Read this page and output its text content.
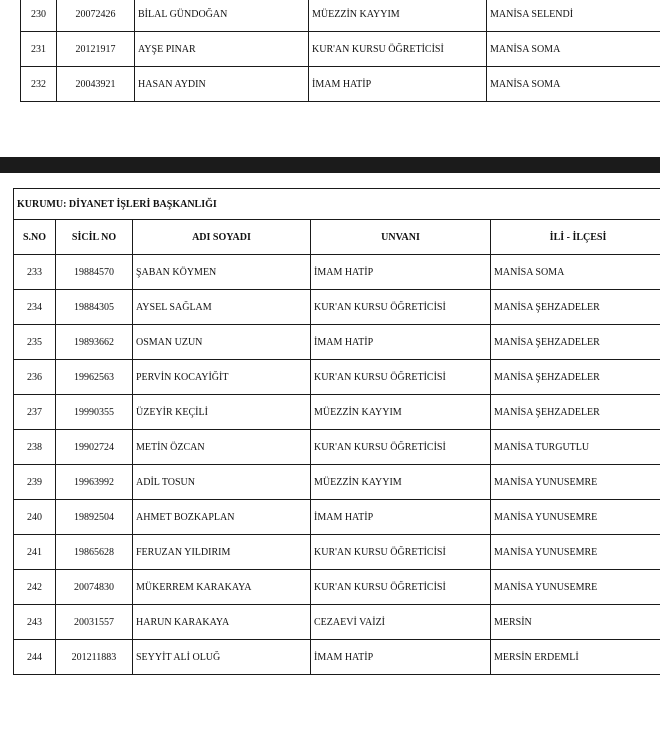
230	20072426	BİLAL GÜNDOĞAN	MÜEZZİN KAYYIM	MANİSA SELENDİ
231	20121917	AYŞE PINAR	KUR'AN KURSU ÖĞRETİCİSİ	MANİSA SOMA
232	20043921	HASAN AYDIN	İMAM HATİP	MANİSA SOMA
KURUMU: DİYANET İŞLERİ BAŞKANLIĞI				
S.NO	SİCİL NO	ADI SOYADI	UNVANI	İLİ - İLÇESİ
233	19884570	ŞABAN KÖYMEN	İMAM HATİP	MANİSA SOMA
234	19884305	AYSEL SAĞLAM	KUR'AN KURSU ÖĞRETİCİSİ	MANİSA ŞEHZADELER
235	19893662	OSMAN UZUN	İMAM HATİP	MANİSA ŞEHZADELER
236	19962563	PERVİN KOCAYİĞİT	KUR'AN KURSU ÖĞRETİCİSİ	MANİSA ŞEHZADELER
237	19990355	ÜZEYİR KEÇİLİ	MÜEZZİN KAYYIM	MANİSA ŞEHZADELER
238	19902724	METİN ÖZCAN	KUR'AN KURSU ÖĞRETİCİSİ	MANİSA TURGUTLU
239	19963992	ADİL TOSUN	MÜEZZİN KAYYIM	MANİSA YUNUSEMRE
240	19892504	AHMET BOZKAPLAN	İMAM HATİP	MANİSA YUNUSEMRE
241	19865628	FERUZAN YILDIRIM	KUR'AN KURSU ÖĞRETİCİSİ	MANİSA YUNUSEMRE
242	20074830	MÜKERREM KARAKAYA	KUR'AN KURSU ÖĞRETİCİSİ	MANİSA YUNUSEMRE
243	20031557	HARUN KARAKAYA	CEZAEVİ VAİZİ	MERSİN
244	201211883	SEYYİT ALİ OLUĞ	İMAM HATİP	MERSİN ERDEMLİ
